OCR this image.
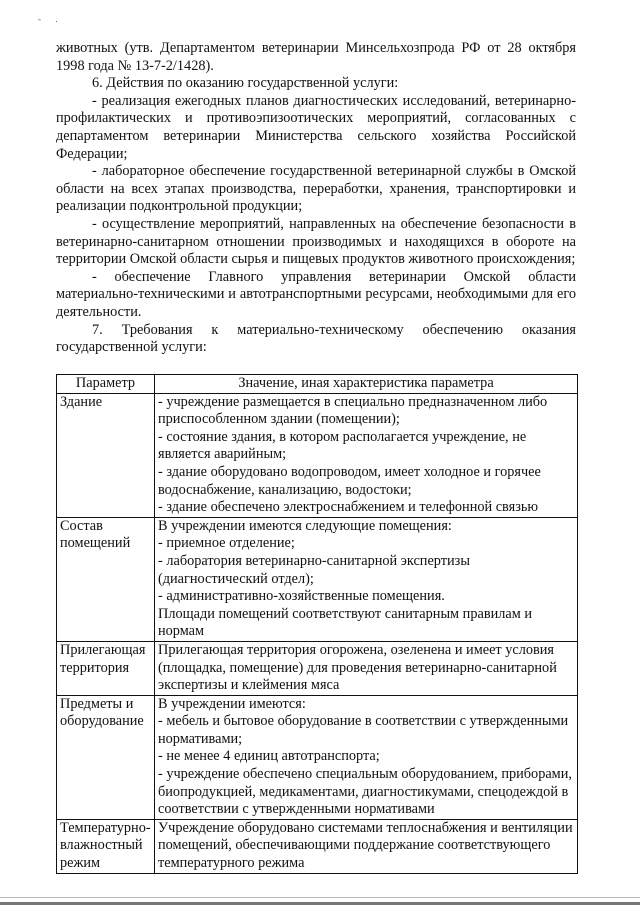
- .

животных (утв. Департаментом ветеринарии Минсельхозпрода РФ от 28 октября 1998 года № 13-7-2/1428).

6. Действия по оказанию государственной услуги:

- реализация ежегодных планов диагностических исследований, ветеринарно-профилактических и противоэпизоотических мероприятий, согласованных с департаментом ветеринарии Министерства сельского хозяйства Российской Федерации;

- лабораторное обеспечение государственной ветеринарной службы в Омской области на всех этапах производства, переработки, хранения, транспортировки и реализации подконтрольной продукции;

- осуществление мероприятий, направленных на обеспечение безопасности в ветеринарно-санитарном отношении производимых и находящихся в обороте на территории Омской области сырья и пищевых продуктов животного происхождения;

- обеспечение Главного управления ветеринарии Омской области материально-техническими и автотранспортными ресурсами, необходимыми для его деятельности.

7. Требования к материально-техническому обеспечению оказания государственной услуги:

Параметр	Значение, иная характеристика параметра
Здание	- учреждение размещается в специально предназначенном либо приспособленном здании (помещении);
- состояние здания, в котором располагается учреждение, не является аварийным;
- здание оборудовано водопроводом, имеет холодное и горячее водоснабжение, канализацию, водостоки;
- здание обеспечено электроснабжением и телефонной связью

Состав помещений	В учреждении имеются следующие помещения:
- приемное отделение;
- лаборатория ветеринарно-санитарной экспертизы (диагностический отдел);
- административно-хозяйственные помещения.
Площади помещений соответствуют санитарным правилам и нормам

Прилегающая территория	Прилегающая территория огорожена, озеленена и имеет условия (площадка, помещение) для проведения ветеринарно-санитарной экспертизы и клеймения мяса

Предметы и оборудование	В учреждении имеются:
- мебель и бытовое оборудование в соответствии с утвержденными нормативами;
- не менее 4 единиц автотранспорта;
- учреждение обеспечено специальным оборудованием, приборами, биопродукцией, медикаментами, диагностикумами, спецодеждой в соответствии с утвержденными нормативами

Температурно-влажностный режим	Учреждение оборудовано системами теплоснабжения и вентиляции помещений, обеспечивающими поддержание соответствующего температурного режима
